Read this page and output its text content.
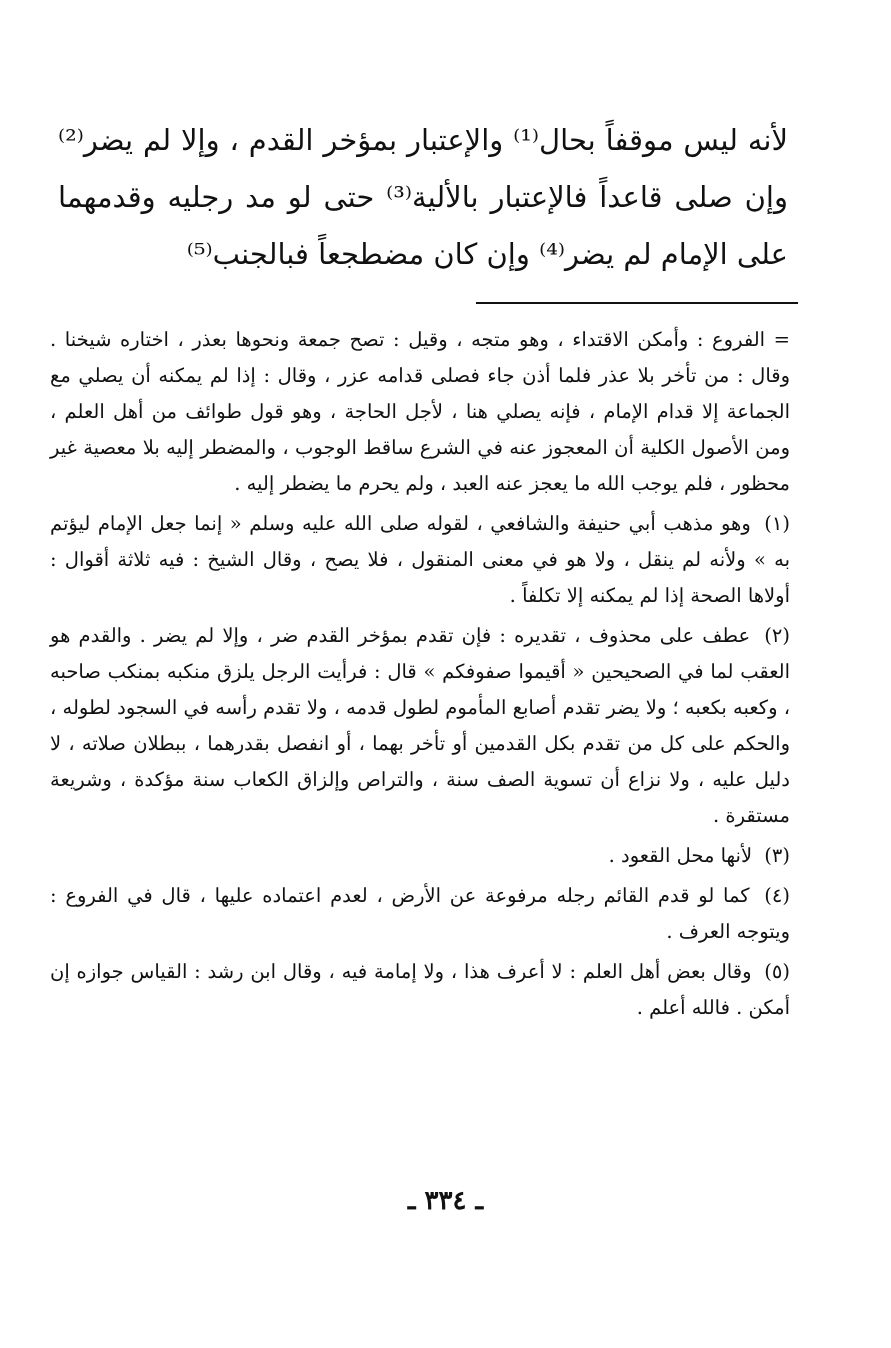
لأنه ليس موقفاً بحال⁽¹⁾ والإعتبار بمؤخر القدم ، وإلا لم يضر⁽²⁾ وإن صلى قاعداً فالإعتبار بالألية⁽³⁾ حتى لو مد رجليه وقدمهما على الإمام لم يضر⁽⁴⁾ وإن كان مضطجعاً فبالجنب⁽⁵⁾

= الفروع : وأمكن الاقتداء ، وهو متجه ، وقيل : تصح جمعة ونحوها بعذر ، اختاره شيخنا . وقال : من تأخر بلا عذر فلما أذن جاء فصلى قدامه عزر ، وقال : إذا لم يمكنه أن يصلي مع الجماعة إلا قدام الإمام ، فإنه يصلي هنا ، لأجل الحاجة ، وهو قول طوائف من أهل العلم ، ومن الأصول الكلية أن المعجوز عنه في الشرع ساقط الوجوب ، والمضطر إليه بلا معصية غير محظور ، فلم يوجب الله ما يعجز عنه العبد ، ولم يحرم ما يضطر إليه .

(١) وهو مذهب أبي حنيفة والشافعي ، لقوله صلى الله عليه وسلم « إنما جعل الإمام ليؤتم به » ولأنه لم ينقل ، ولا هو في معنى المنقول ، فلا يصح ، وقال الشيخ : فيه ثلاثة أقوال : أولاها الصحة إذا لم يمكنه إلا تكلفاً .

(٢) عطف على محذوف ، تقديره : فإن تقدم بمؤخر القدم ضر ، وإلا لم يضر . والقدم هو العقب لما في الصحيحين « أقيموا صفوفكم » قال : فرأيت الرجل يلزق منكبه بمنكب صاحبه ، وكعبه بكعبه ؛ ولا يضر تقدم أصابع المأموم لطول قدمه ، ولا تقدم رأسه في السجود لطوله ، والحكم على كل من تقدم بكل القدمين أو تأخر بهما ، أو انفصل بقدرهما ، ببطلان صلاته ، لا دليل عليه ، ولا نزاع أن تسوية الصف سنة ، والتراص وإلزاق الكعاب سنة مؤكدة ، وشريعة مستقرة .

(٣) لأنها محل القعود .

(٤) كما لو قدم القائم رجله مرفوعة عن الأرض ، لعدم اعتماده عليها ، قال في الفروع : ويتوجه العرف .

(٥) وقال بعض أهل العلم : لا أعرف هذا ، ولا إمامة فيه ، وقال ابن رشد : القياس جوازه إن أمكن . فالله أعلم .

ـ ٣٣٤ ـ
